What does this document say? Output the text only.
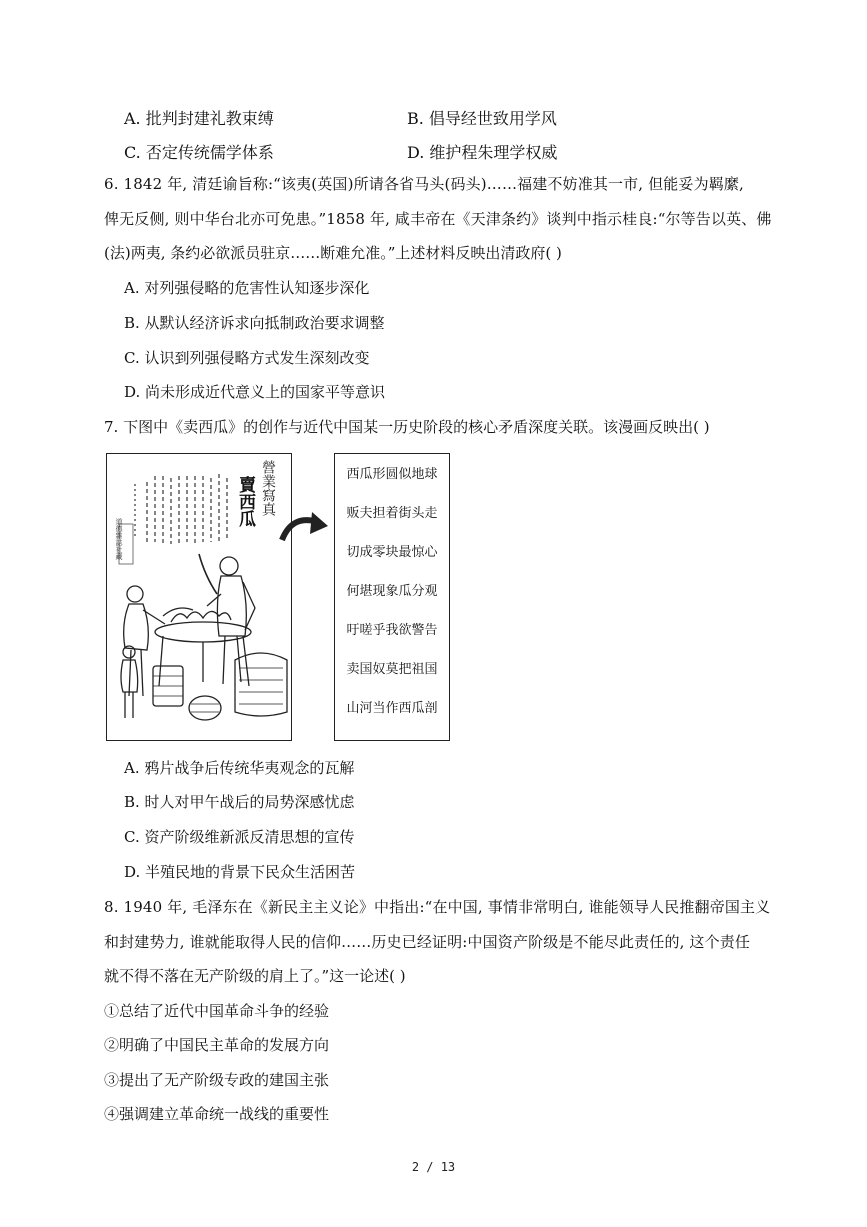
A. 批判封建礼教束缚	B. 倡导经世致用学风
C. 否定传统儒学体系	D. 维护程朱理学权威
6. 1842 年, 清廷谕旨称:“该夷(英国)所请各省马头(码头)……福建不妨准其一市, 但能妥为羁縻,
俾无反侧, 则中华台北亦可免患。”1858 年, 咸丰帝在《天津条约》谈判中指示桂良:“尔等告以英、佛
(法)两夷, 条约必欲派员驻京……断难允准。”上述材料反映出清政府( )
A. 对列强侵略的危害性认知逐步深化
B. 从默认经济诉求向抵制政治要求调整
C. 认识到列强侵略方式发生深刻改变
D. 尚未形成近代意义上的国家平等意识
7. 下图中《卖西瓜》的创作与近代中国某一历史阶段的核心矛盾深度关联。该漫画反映出( )
營業寫真
賣西瓜
道德雜誌社藏
西瓜形圆似地球
贩夫担着街头走
切成零块最惊心
何堪现象瓜分观
吁嗟乎我欲警告
卖国奴莫把祖国
山河当作西瓜剖
A. 鸦片战争后传统华夷观念的瓦解
B. 时人对甲午战后的局势深感忧虑
C. 资产阶级维新派反清思想的宣传
D. 半殖民地的背景下民众生活困苦
8. 1940 年, 毛泽东在《新民主主义论》中指出:“在中国, 事情非常明白, 谁能领导人民推翻帝国主义
和封建势力, 谁就能取得人民的信仰……历史已经证明:中国资产阶级是不能尽此责任的, 这个责任
就不得不落在无产阶级的肩上了。”这一论述( )
①总结了近代中国革命斗争的经验
②明确了中国民主革命的发展方向
③提出了无产阶级专政的建国主张
④强调建立革命统一战线的重要性
2 / 13
